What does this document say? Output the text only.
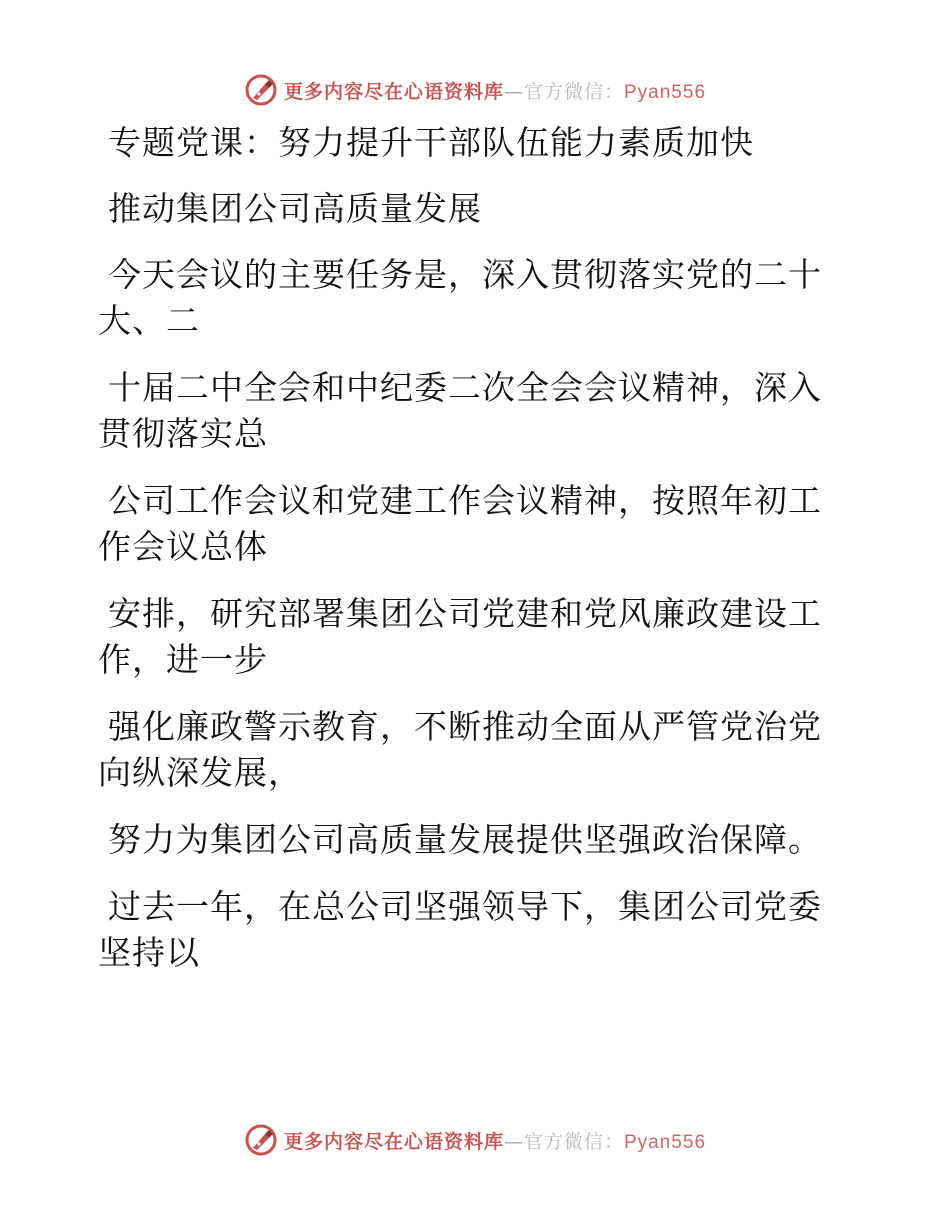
更多内容尽在心语资料库—官方微信：Pyan556

专题党课：努力提升干部队伍能力素质加快

推动集团公司高质量发展

今天会议的主要任务是，深入贯彻落实党的二十大、二

十届二中全会和中纪委二次全会会议精神，深入贯彻落实总

公司工作会议和党建工作会议精神，按照年初工作会议总体

安排，研究部署集团公司党建和党风廉政建设工作，进一步

强化廉政警示教育，不断推动全面从严管党治党向纵深发展，

努力为集团公司高质量发展提供坚强政治保障。

过去一年，在总公司坚强领导下，集团公司党委坚持以

更多内容尽在心语资料库—官方微信：Pyan556
